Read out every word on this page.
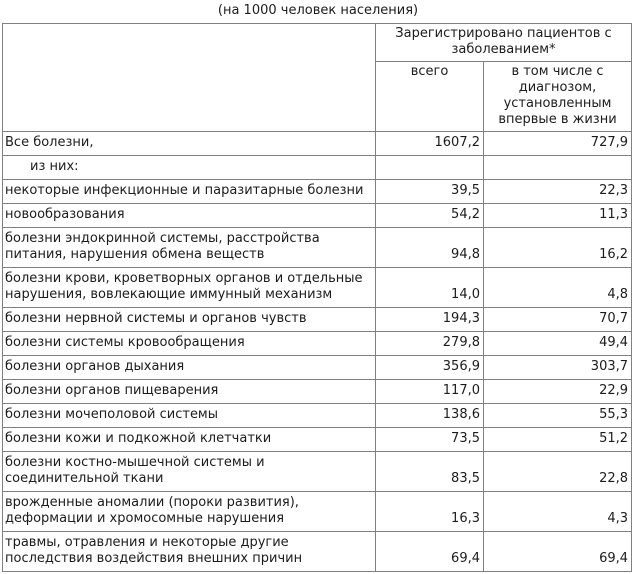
(на 1000 человек населения)
	Зарегистрировано пациентов с заболеванием*	
	всего	в том числе с диагнозом, установленным впервые в жизни
Все болезни,	1607,2	727,9
из них:		
некоторые инфекционные и паразитарные болезни	39,5	22,3
новообразования	54,2	11,3
болезни эндокринной системы, расстройства питания, нарушения обмена веществ	94,8	16,2
болезни крови, кроветворных органов и отдельные нарушения, вовлекающие иммунный механизм	14,0	4,8
болезни нервной системы и органов чувств	194,3	70,7
болезни системы кровообращения	279,8	49,4
болезни органов дыхания	356,9	303,7
болезни органов пищеварения	117,0	22,9
болезни мочеполовой системы	138,6	55,3
болезни кожи и подкожной клетчатки	73,5	51,2
болезни костно-мышечной системы и соединительной ткани	83,5	22,8
врожденные аномалии (пороки развития), деформации и хромосомные нарушения	16,3	4,3
травмы, отравления и некоторые другие последствия воздействия внешних причин	69,4	69,4
